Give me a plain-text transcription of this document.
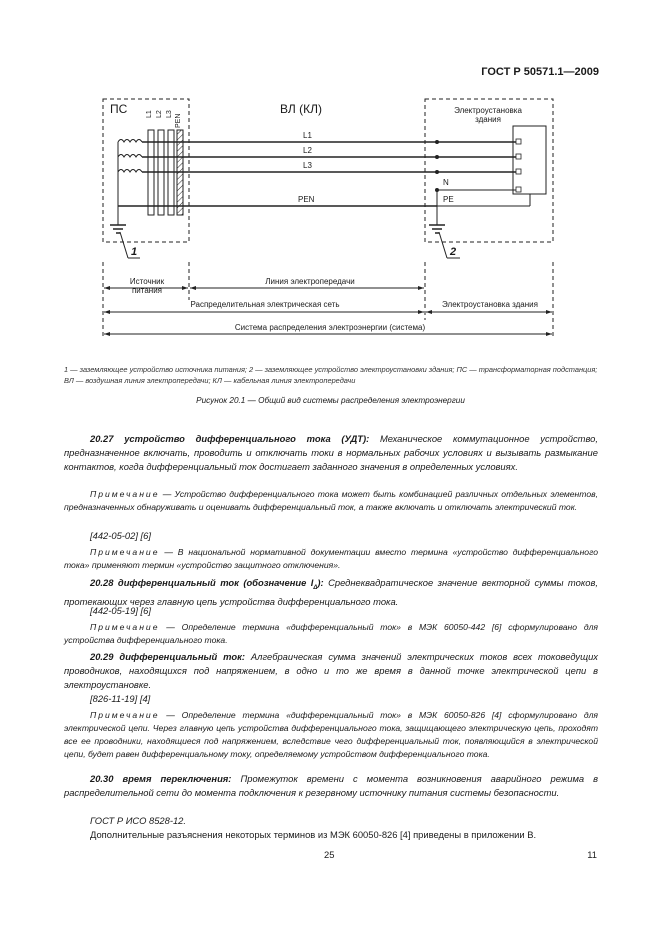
ГОСТ Р 50571.1—2009
ПС	ВЛ (КЛ)	Электроустановка здания
L1 L2 L3 PEN
L1
L2
L3
PEN
N
PE
1	2
Источник питания
Линия электропередачи
Распределительная электрическая сеть	Электроустановка здания
Система распределения электроэнергии (система)
1 — заземляющее устройство источника питания; 2 — заземляющее устройство электроустановки здания; ПС — трансформаторная подстанция; ВЛ — воздушная линия электропередачи; КЛ — кабельная линия электропередачи
Рисунок 20.1 — Общий вид системы распределения электроэнергии

20.27 устройство дифференциального тока (УДТ): Механическое коммутационное устройство, предназначенное включать, проводить и отключать токи в нормальных рабочих условиях и вызывать размыкание контактов, когда дифференциальный ток достигает заданного значения в определенных условиях.

Примечание — Устройство дифференциального тока может быть комбинацией различных отдельных элементов, предназначенных обнаруживать и оценивать дифференциальный ток, а также включать и отключать электрический ток.

[442-05-02] [6]

Примечание — В национальной нормативной документации вместо термина «устройство дифференциального тока» применяют термин «устройство защитного отключения».

20.28 дифференциальный ток (обозначение $I_\Delta$): Среднеквадратическое значение векторной суммы токов, протекающих через главную цепь устройства дифференциального тока.

[442-05-19] [6]

Примечание — Определение термина «дифференциальный ток» в МЭК 60050-442 [6] сформулировано для устройства дифференциального тока.

20.29 дифференциальный ток: Алгебраическая сумма значений электрических токов всех токоведущих проводников, находящихся под напряжением, в одно и то же время в данной точке электрической цепи в электроустановке.

[826-11-19] [4]

Примечание — Определение термина «дифференциальный ток» в МЭК 60050-826 [4] сформулировано для электрической цепи. Через главную цепь устройства дифференциального тока, защищающего электрическую цепь, проходят все ее проводники, находящиеся под напряжением, вследствие чего дифференциальный ток, появляющийся в электрической цепи, будет равен дифференциальному току, определяемому устройством дифференциального тока.

20.30 время переключения: Промежуток времени с момента возникновения аварийного режима в распределительной сети до момента подключения к резервному источнику питания системы безопасности.

ГОСТ Р ИСО 8528-12.

Дополнительные разъяснения некоторых терминов из МЭК 60050-826 [4] приведены в приложении В.

25	11
